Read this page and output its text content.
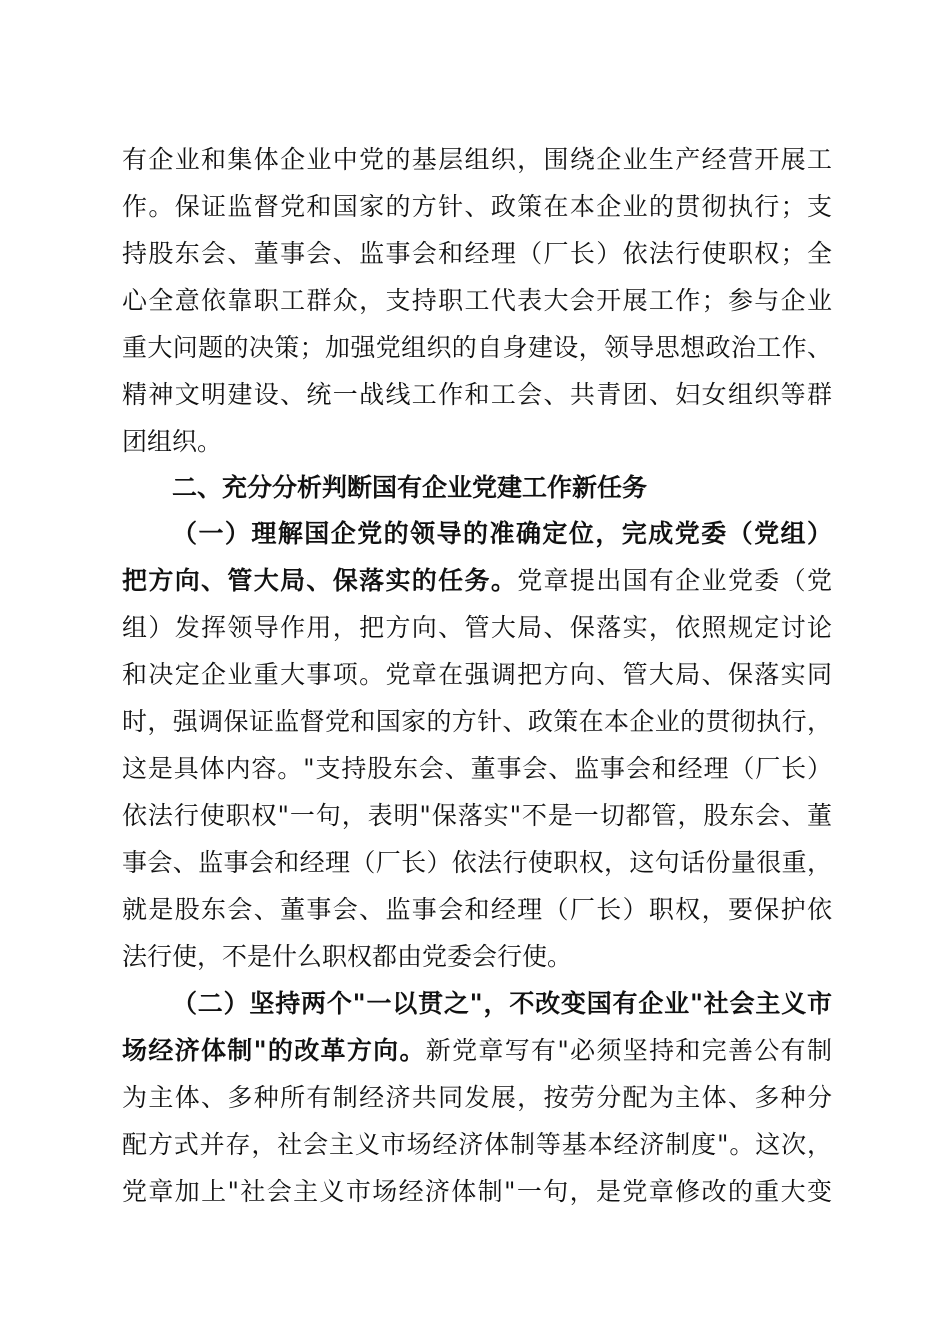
有企业和集体企业中党的基层组织，围绕企业生产经营开展工
作。保证监督党和国家的方针、政策在本企业的贯彻执行；支
持股东会、董事会、监事会和经理（厂长）依法行使职权；全
心全意依靠职工群众，支持职工代表大会开展工作；参与企业
重大问题的决策；加强党组织的自身建设，领导思想政治工作、
精神文明建设、统一战线工作和工会、共青团、妇女组织等群
团组织。
二、充分分析判断国有企业党建工作新任务
（一）理解国企党的领导的准确定位，完成党委（党组）
把方向、管大局、保落实的任务。党章提出国有企业党委（党
组）发挥领导作用，把方向、管大局、保落实，依照规定讨论
和决定企业重大事项。党章在强调把方向、管大局、保落实同
时，强调保证监督党和国家的方针、政策在本企业的贯彻执行，
这是具体内容。"支持股东会、董事会、监事会和经理（厂长）
依法行使职权"一句，表明"保落实"不是一切都管，股东会、董
事会、监事会和经理（厂长）依法行使职权，这句话份量很重，
就是股东会、董事会、监事会和经理（厂长）职权，要保护依
法行使，不是什么职权都由党委会行使。
（二）坚持两个"一以贯之"，不改变国有企业"社会主义市
场经济体制"的改革方向。新党章写有"必须坚持和完善公有制
为主体、多种所有制经济共同发展，按劳分配为主体、多种分
配方式并存，社会主义市场经济体制等基本经济制度"。这次，
党章加上"社会主义市场经济体制"一句，是党章修改的重大变
